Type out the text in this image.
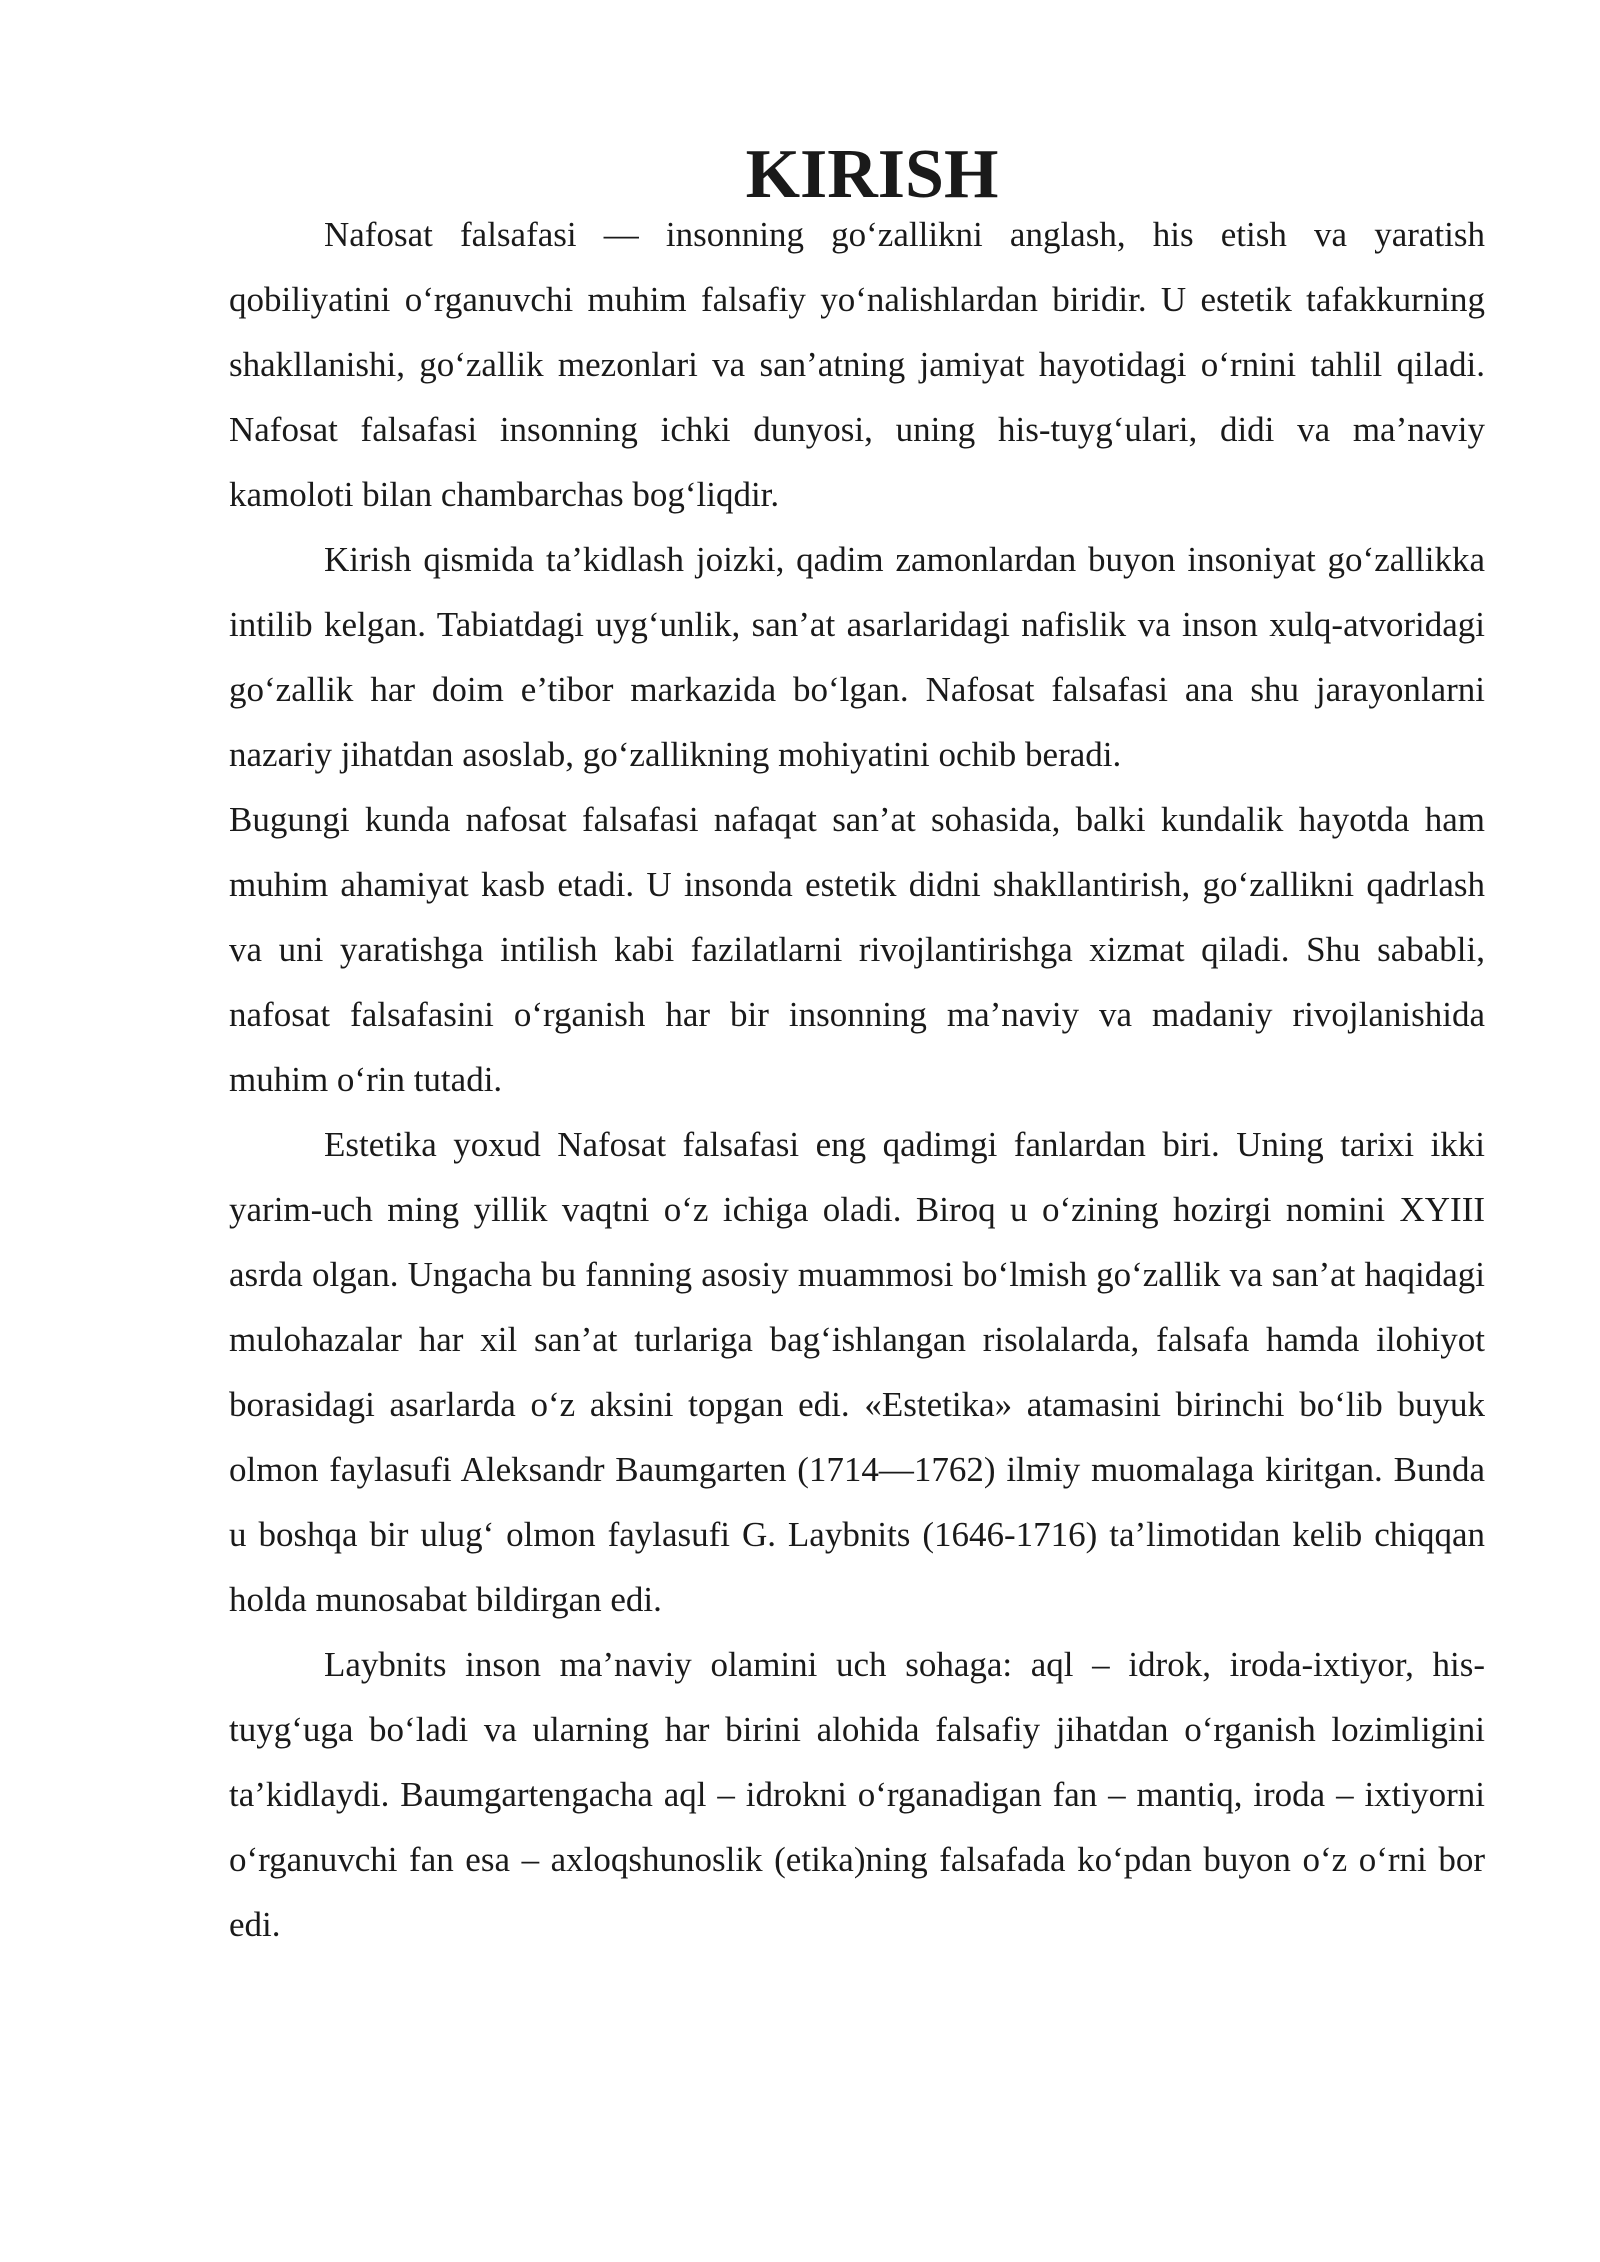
KIRISH

Nafosat falsafasi — insonning go‘zallikni anglash, his etish va yaratish qobiliyatini o‘rganuvchi muhim falsafiy yo‘nalishlardan biridir. U estetik tafakkurning shakllanishi, go‘zallik mezonlari va san’atning jamiyat hayotidagi o‘rnini tahlil qiladi. Nafosat falsafasi insonning ichki dunyosi, uning his-tuyg‘ulari, didi va ma’naviy kamoloti bilan chambarchas bog‘liqdir.

Kirish qismida ta’kidlash joizki, qadim zamonlardan buyon insoniyat go‘zallikka intilib kelgan. Tabiatdagi uyg‘unlik, san’at asarlaridagi nafislik va inson xulq-atvoridagi go‘zallik har doim e’tibor markazida bo‘lgan. Nafosat falsafasi ana shu jarayonlarni nazariy jihatdan asoslab, go‘zallikning mohiyatini ochib beradi.

Bugungi kunda nafosat falsafasi nafaqat san’at sohasida, balki kundalik hayotda ham muhim ahamiyat kasb etadi. U insonda estetik didni shakllantirish, go‘zallikni qadrlash va uni yaratishga intilish kabi fazilatlarni rivojlantirishga xizmat qiladi. Shu sababli, nafosat falsafasini o‘rganish har bir insonning ma’naviy va madaniy rivojlanishida muhim o‘rin tutadi.

Estetika yoxud Nafosat falsafasi eng qadimgi fanlardan biri. Uning tarixi ikki yarim-uch ming yillik vaqtni o‘z ichiga oladi. Biroq u o‘zining hozirgi nomini XYIII asrda olgan. Ungacha bu fanning asosiy muammosi bo‘lmish go‘zallik va san’at haqidagi mulohazalar har xil san’at turlariga bag‘ishlangan risolalarda, falsafa hamda ilohiyot borasidagi asarlarda o‘z aksini topgan edi. «Estetika» atamasini birinchi bo‘lib buyuk olmon faylasufi Aleksandr Baumgarten (1714—1762) ilmiy muomalaga kiritgan. Bunda u boshqa bir ulug‘ olmon faylasufi G. Laybnits (1646-1716) ta’limotidan kelib chiqqan holda munosabat bildirgan edi.

Laybnits inson ma’naviy olamini uch sohaga: aql – idrok, iroda-ixtiyor, his-tuyg‘uga bo‘ladi va ularning har birini alohida falsafiy jihatdan o‘rganish lozimligini ta’kidlaydi. Baumgartengacha aql – idrokni o‘rganadigan fan – mantiq, iroda – ixtiyorni o‘rganuvchi fan esa – axloqshunoslik (etika)ning falsafada ko‘pdan buyon o‘z o‘rni bor edi.
